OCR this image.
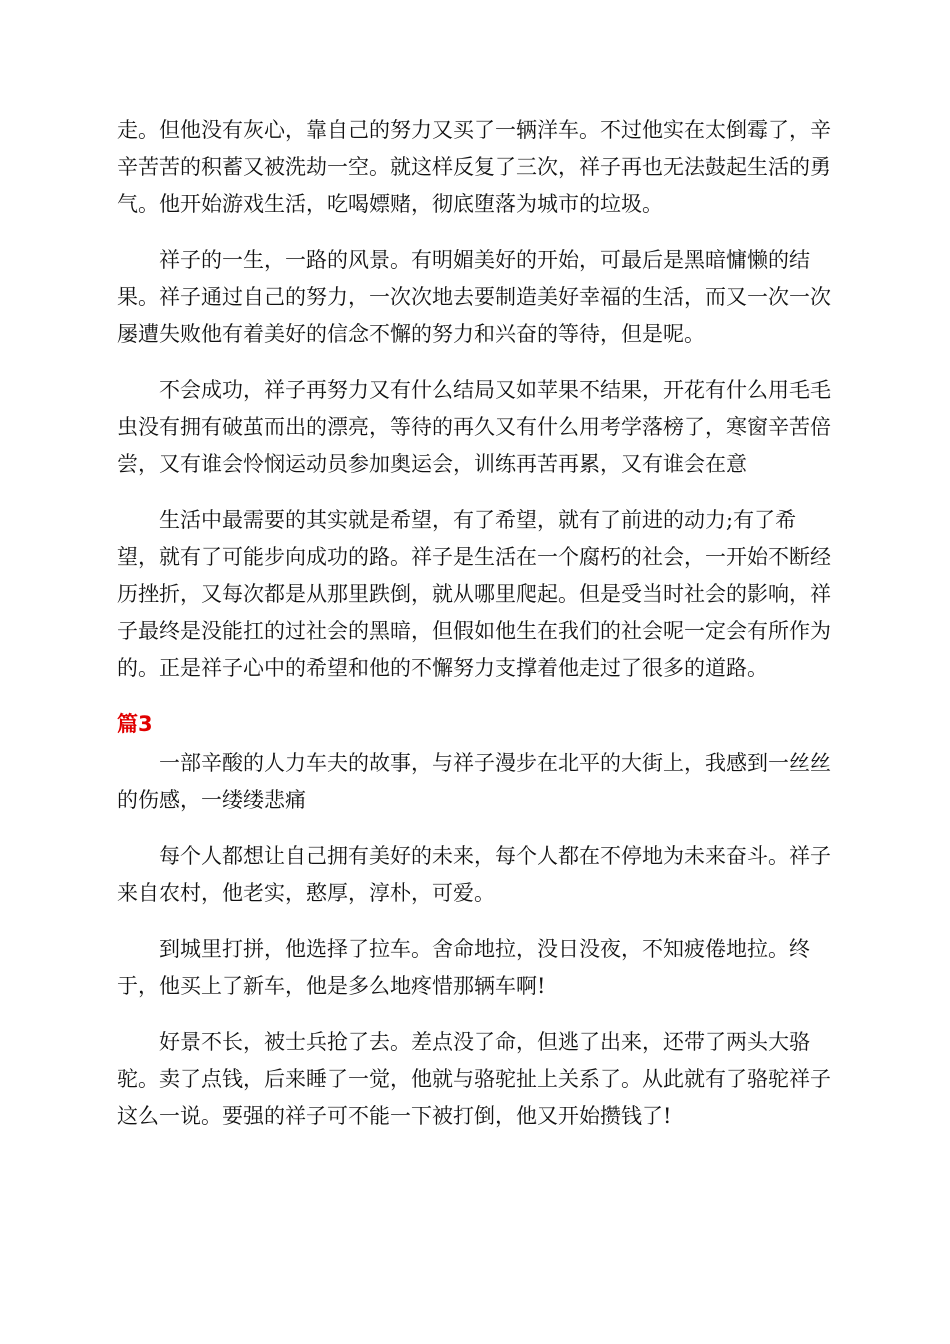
走。但他没有灰心，靠自己的努力又买了一辆洋车。不过他实在太倒霉了，辛辛苦苦的积蓄又被洗劫一空。就这样反复了三次，祥子再也无法鼓起生活的勇气。他开始游戏生活，吃喝嫖赌，彻底堕落为城市的垃圾。

祥子的一生，一路的风景。有明媚美好的开始，可最后是黑暗慵懒的结果。祥子通过自己的努力，一次次地去要制造美好幸福的生活，而又一次一次屡遭失败他有着美好的信念不懈的努力和兴奋的等待，但是呢。

不会成功，祥子再努力又有什么结局又如苹果不结果，开花有什么用毛毛虫没有拥有破茧而出的漂亮，等待的再久又有什么用考学落榜了，寒窗辛苦倍尝，又有谁会怜悯运动员参加奥运会，训练再苦再累，又有谁会在意

生活中最需要的其实就是希望，有了希望，就有了前进的动力;有了希望，就有了可能步向成功的路。祥子是生活在一个腐朽的社会，一开始不断经历挫折，又每次都是从那里跌倒，就从哪里爬起。但是受当时社会的影响，祥子最终是没能扛的过社会的黑暗，但假如他生在我们的社会呢一定会有所作为的。正是祥子心中的希望和他的不懈努力支撑着他走过了很多的道路。

篇3

一部辛酸的人力车夫的故事，与祥子漫步在北平的大街上，我感到一丝丝的伤感，一缕缕悲痛

每个人都想让自己拥有美好的未来，每个人都在不停地为未来奋斗。祥子来自农村，他老实，憨厚，淳朴，可爱。

到城里打拼，他选择了拉车。舍命地拉，没日没夜，不知疲倦地拉。终于，他买上了新车，他是多么地疼惜那辆车啊!

好景不长，被士兵抢了去。差点没了命，但逃了出来，还带了两头大骆驼。卖了点钱，后来睡了一觉，他就与骆驼扯上关系了。从此就有了骆驼祥子这么一说。要强的祥子可不能一下被打倒，他又开始攒钱了!
